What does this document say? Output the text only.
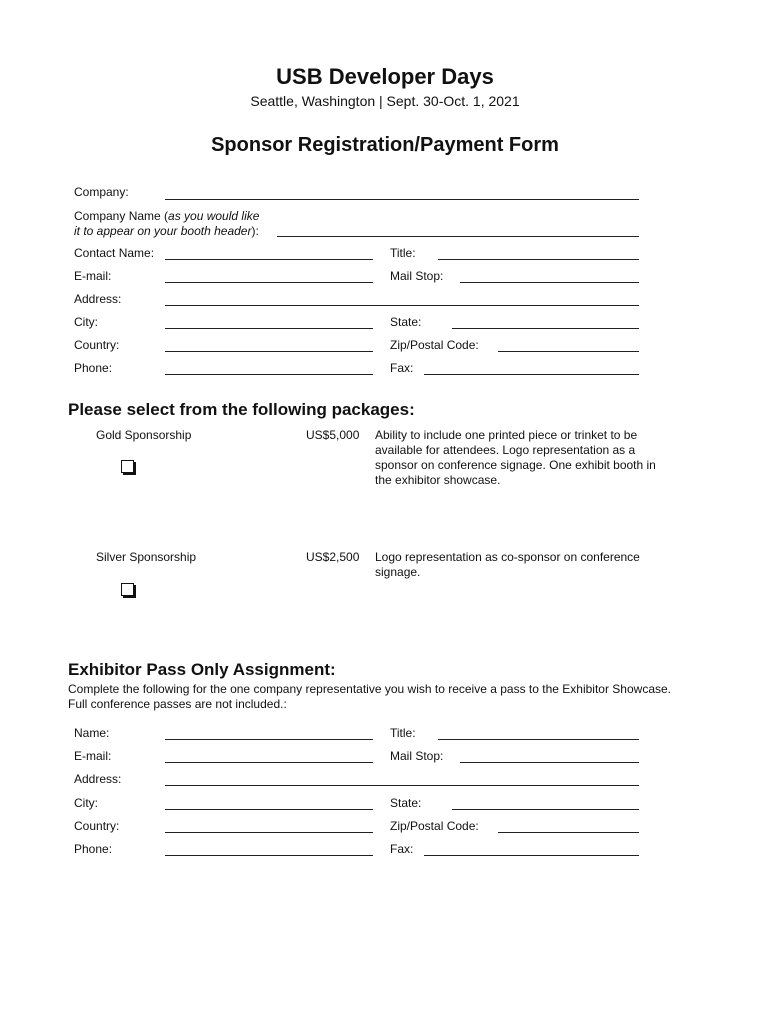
USB Developer Days
Seattle, Washington | Sept. 30-Oct. 1, 2021
Sponsor Registration/Payment Form
Company:
Company Name (as you would like
it to appear on your booth header):
Contact Name:	Title:
E-mail:	Mail Stop:
Address:
City:	State:
Country:	Zip/Postal Code:
Phone:	Fax:
Please select from the following packages:
Gold Sponsorship	US$5,000 Ability to include one printed piece or trinket to be available for attendees. Logo representation as a sponsor on conference signage. One exhibit booth in the exhibitor showcase.
Silver Sponsorship	US$2,500 Logo representation as co-sponsor on conference signage.
Exhibitor Pass Only Assignment:
Complete the following for the one company representative you wish to receive a pass to the Exhibitor Showcase. Full conference passes are not included.:
Name:	Title:
E-mail:	Mail Stop:
Address:
City:	State:
Country:	Zip/Postal Code:
Phone:	Fax:
